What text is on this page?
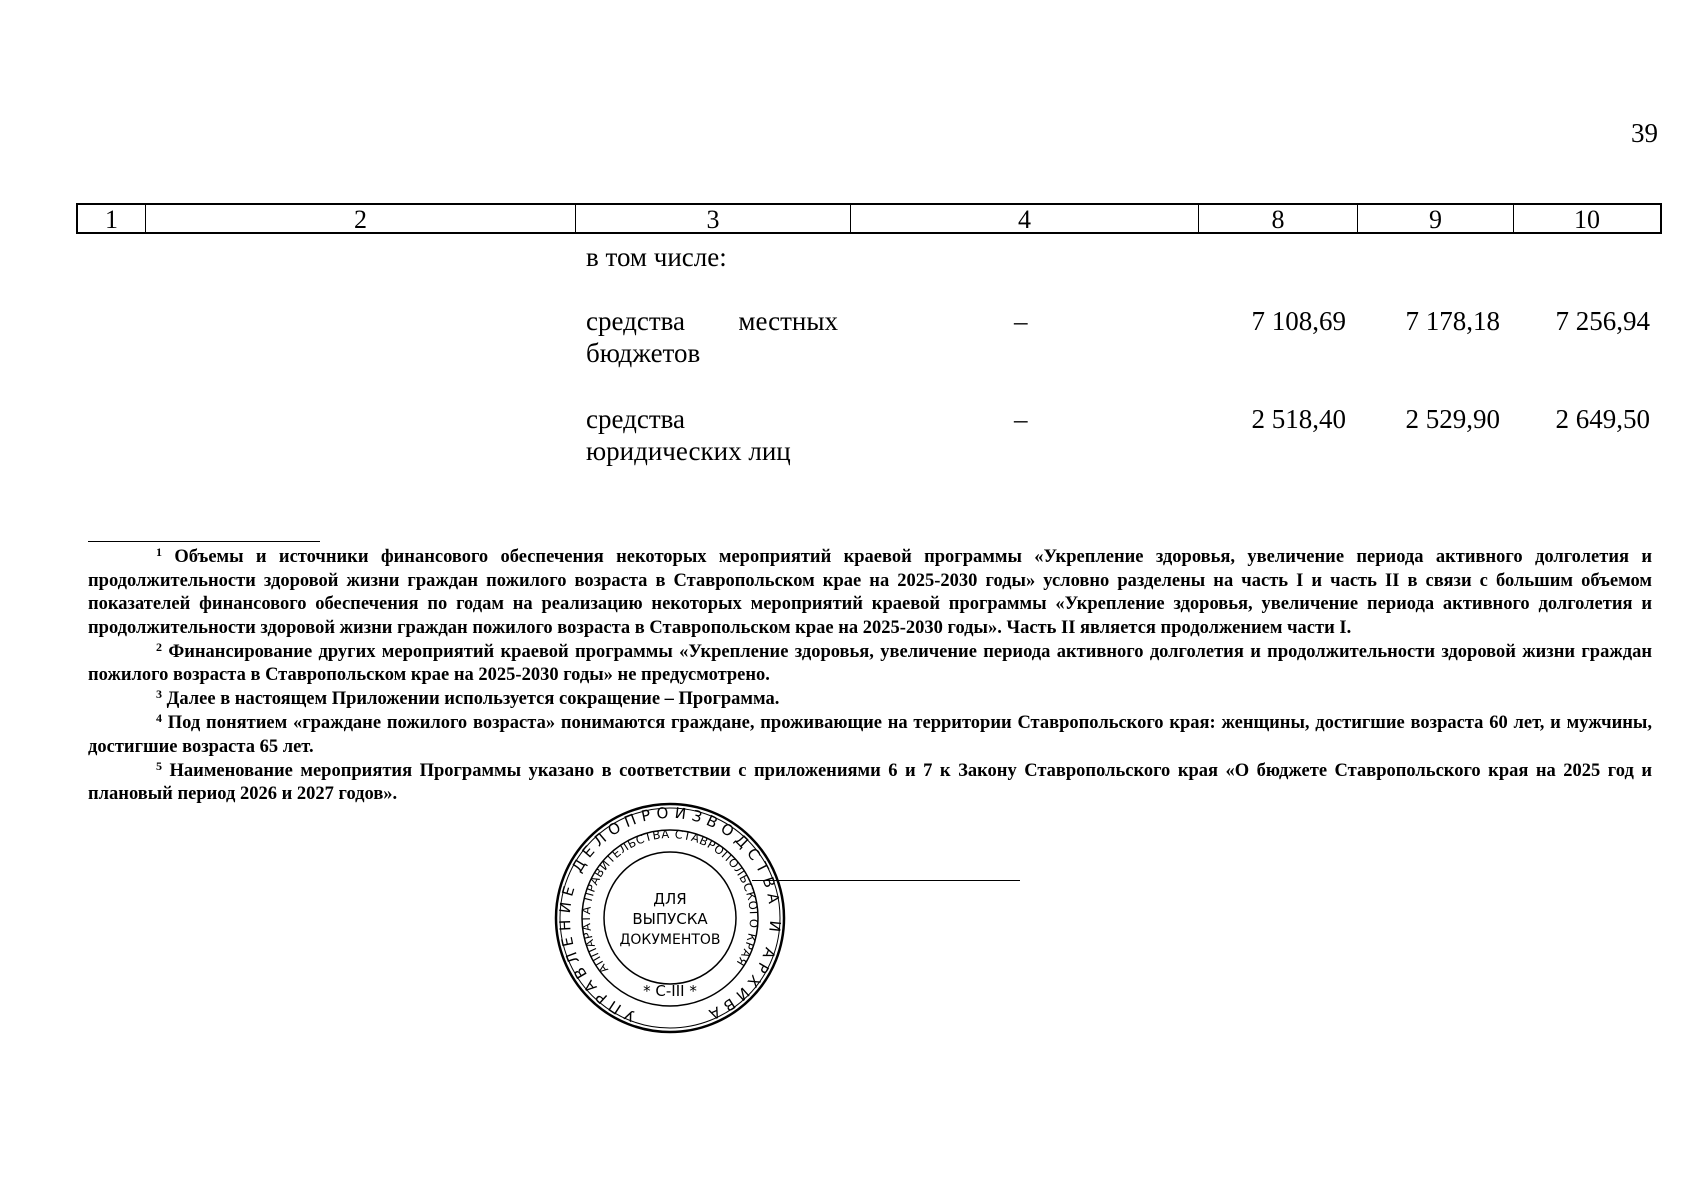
39
1	2	3	4	8	9	10
в том числе:
средства местных
бюджетов
–	7 108,69	7 178,18	7 256,94
средства
юридических лиц
–	2 518,40	2 529,90	2 649,50

$^1$ Объемы и источники финансового обеспечения некоторых мероприятий краевой программы «Укрепление здоровья, увеличение периода активного долголетия и продолжительности здоровой жизни граждан пожилого возраста в Ставропольском крае на 2025-2030 годы» условно разделены на часть I и часть II в связи с большим объемом показателей финансового обеспечения по годам на реализацию некоторых мероприятий краевой программы «Укрепление здоровья, увеличение периода активного долголетия и продолжительности здоровой жизни граждан пожилого возраста в Ставропольском крае на 2025-2030 годы». Часть II является продолжением части I.

$^2$ Финансирование других мероприятий краевой программы «Укрепление здоровья, увеличение периода активного долголетия и продолжительности здоровой жизни граждан пожилого возраста в Ставропольском крае на 2025-2030 годы» не предусмотрено.

$^3$ Далее в настоящем Приложении используется сокращение – Программа.

$^4$ Под понятием «граждане пожилого возраста» понимаются граждане, проживающие на территории Ставропольского края: женщины, достигшие возраста 60 лет, и мужчины, достигшие возраста 65 лет.

$^5$ Наименование мероприятия Программы указано в соответствии с приложениями 6 и 7 к Закону Ставропольского края «О бюджете Ставропольского края на 2025 год и плановый период 2026 и 2027 годов».

УПРАВЛЕНИЕ ДЕЛОПРОИЗВОДСТВА И АРХИВА
АППАРАТА ПРАВИТЕЛЬСТВА СТАВРОПОЛЬСКОГО КРАЯ
ДЛЯ
ВЫПУСКА
ДОКУМЕНТОВ
* С-III *
